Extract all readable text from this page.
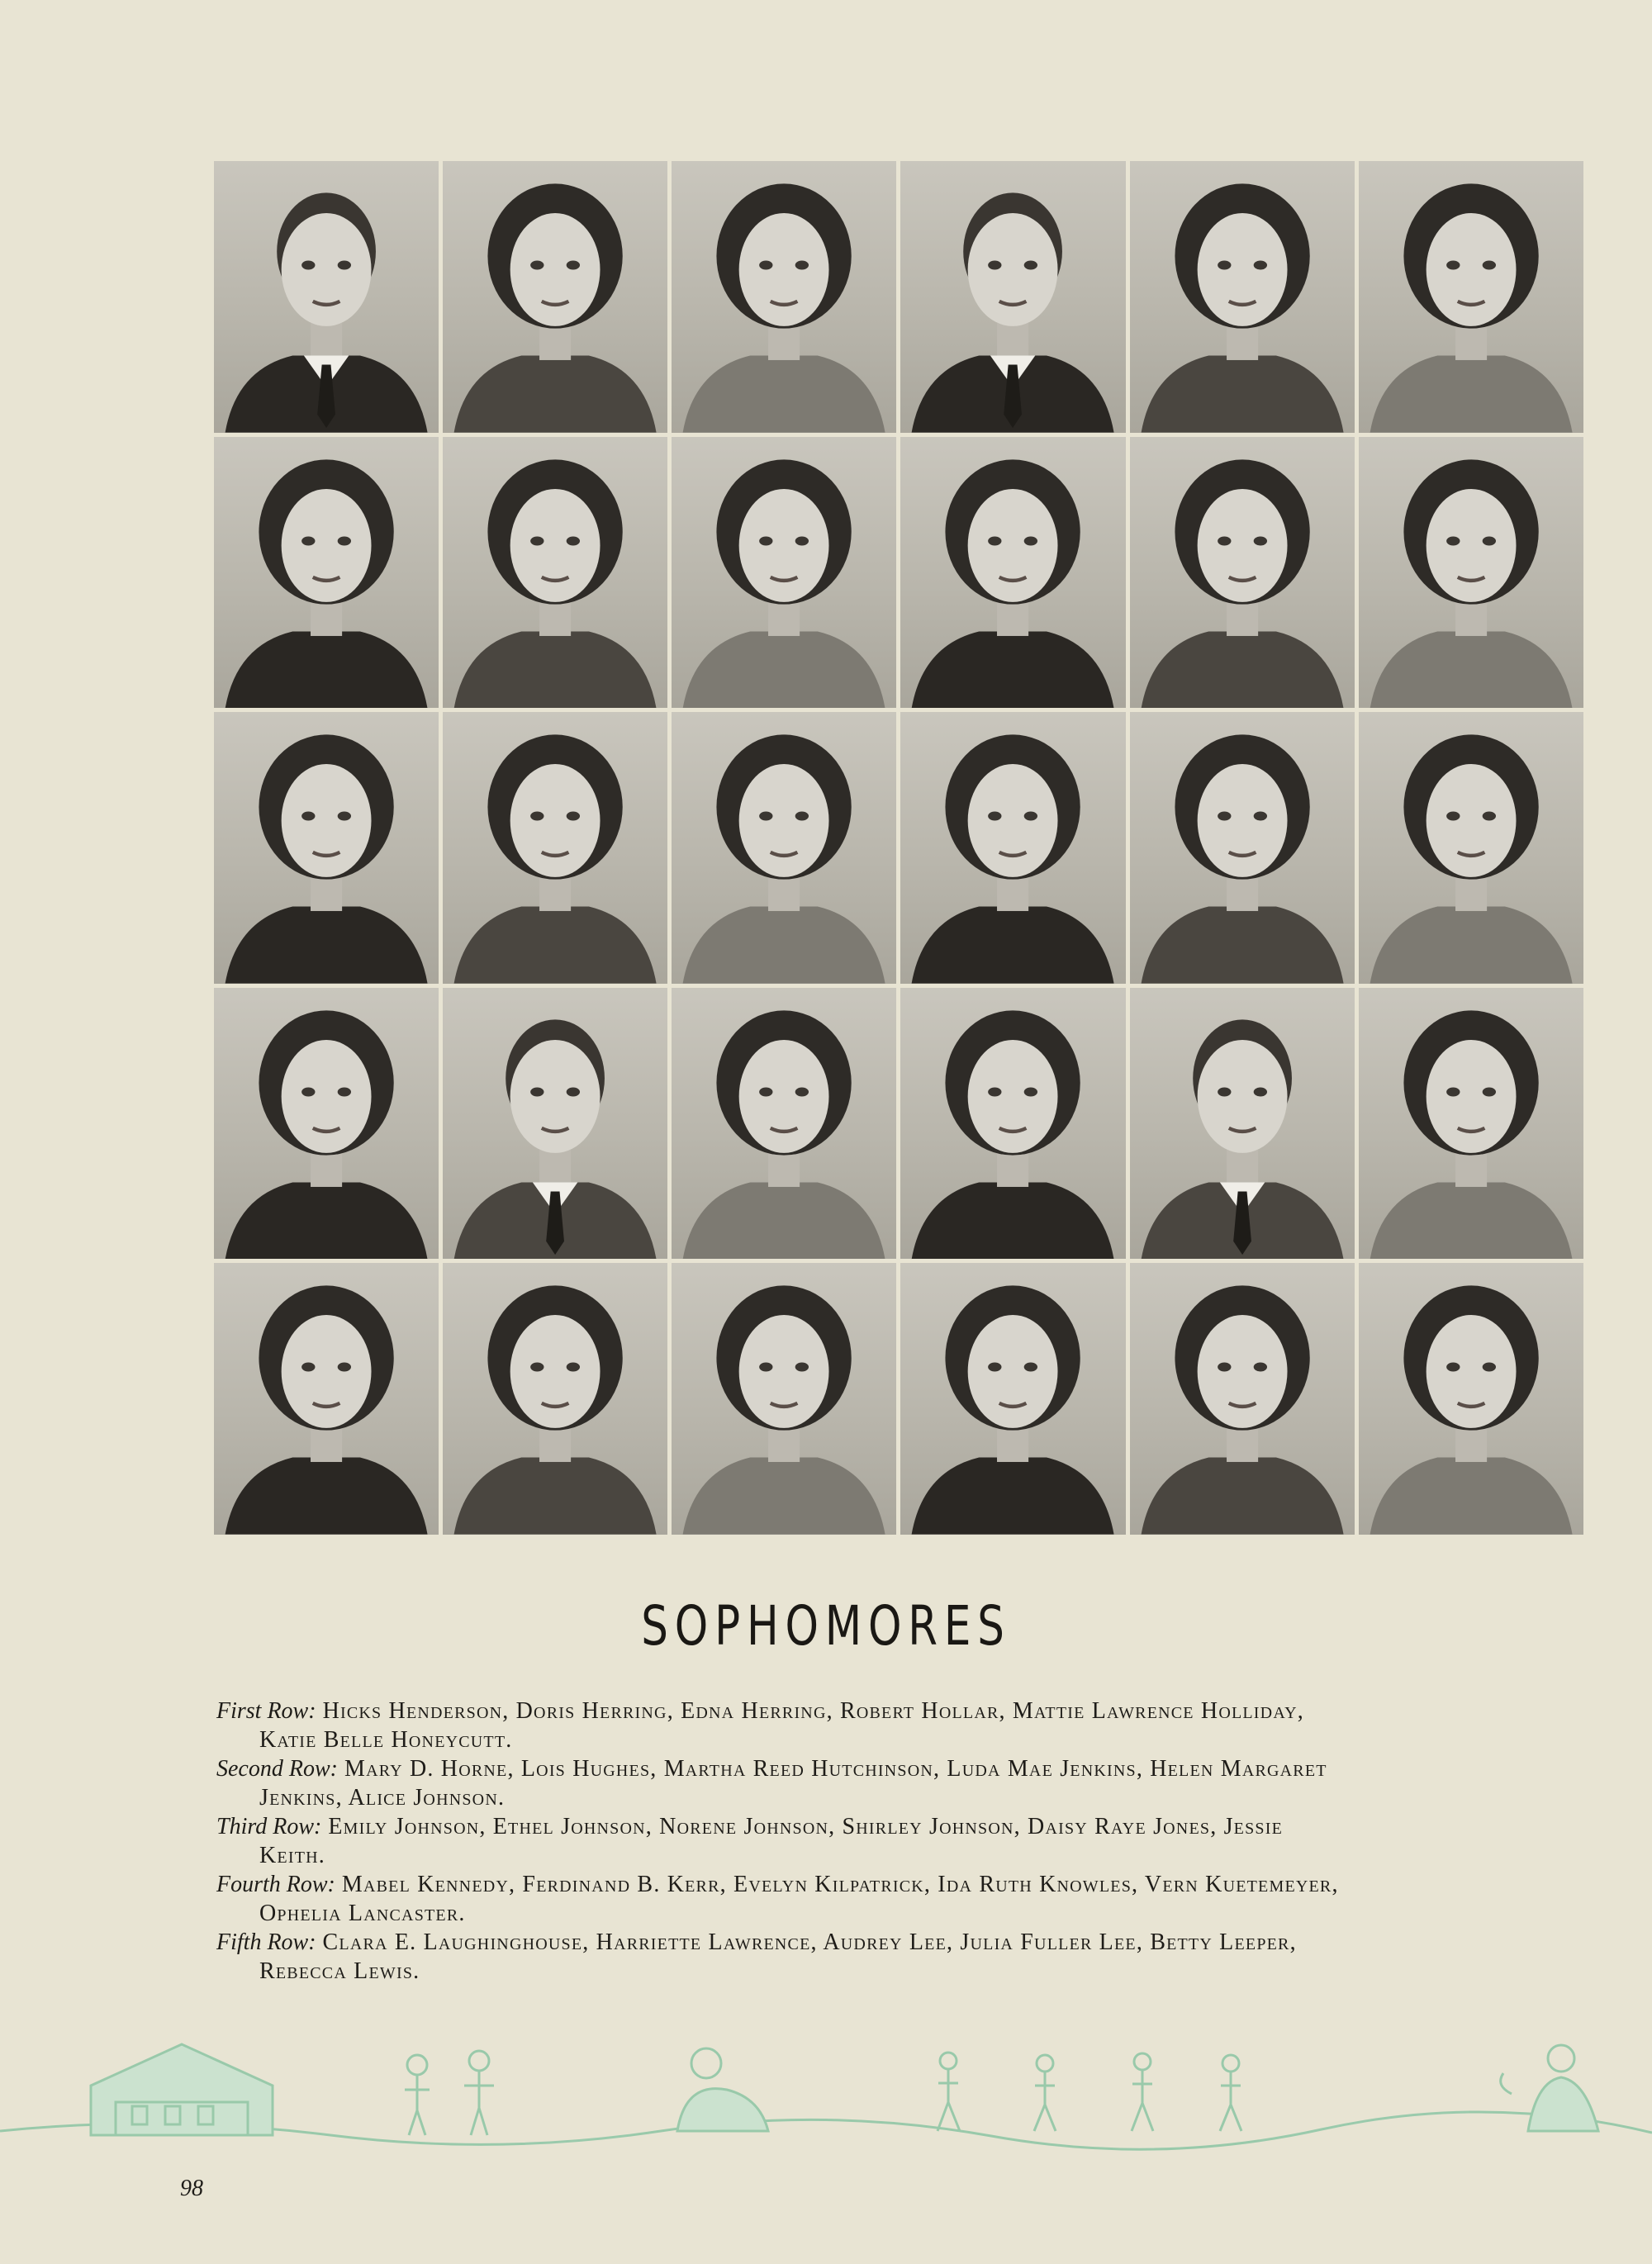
SOPHOMORES
First Row: Hicks Henderson, Doris Herring, Edna Herring, Robert Hollar, Mattie Lawrence Holliday,
Katie Belle Honeycutt.
Second Row: Mary D. Horne, Lois Hughes, Martha Reed Hutchinson, Luda Mae Jenkins, Helen Margaret
Jenkins, Alice Johnson.
Third Row: Emily Johnson, Ethel Johnson, Norene Johnson, Shirley Johnson, Daisy Raye Jones, Jessie
Keith.
Fourth Row: Mabel Kennedy, Ferdinand B. Kerr, Evelyn Kilpatrick, Ida Ruth Knowles, Vern Kuetemeyer,
Ophelia Lancaster.
Fifth Row: Clara E. Laughinghouse, Harriette Lawrence, Audrey Lee, Julia Fuller Lee, Betty Leeper,
Rebecca Lewis.
98
